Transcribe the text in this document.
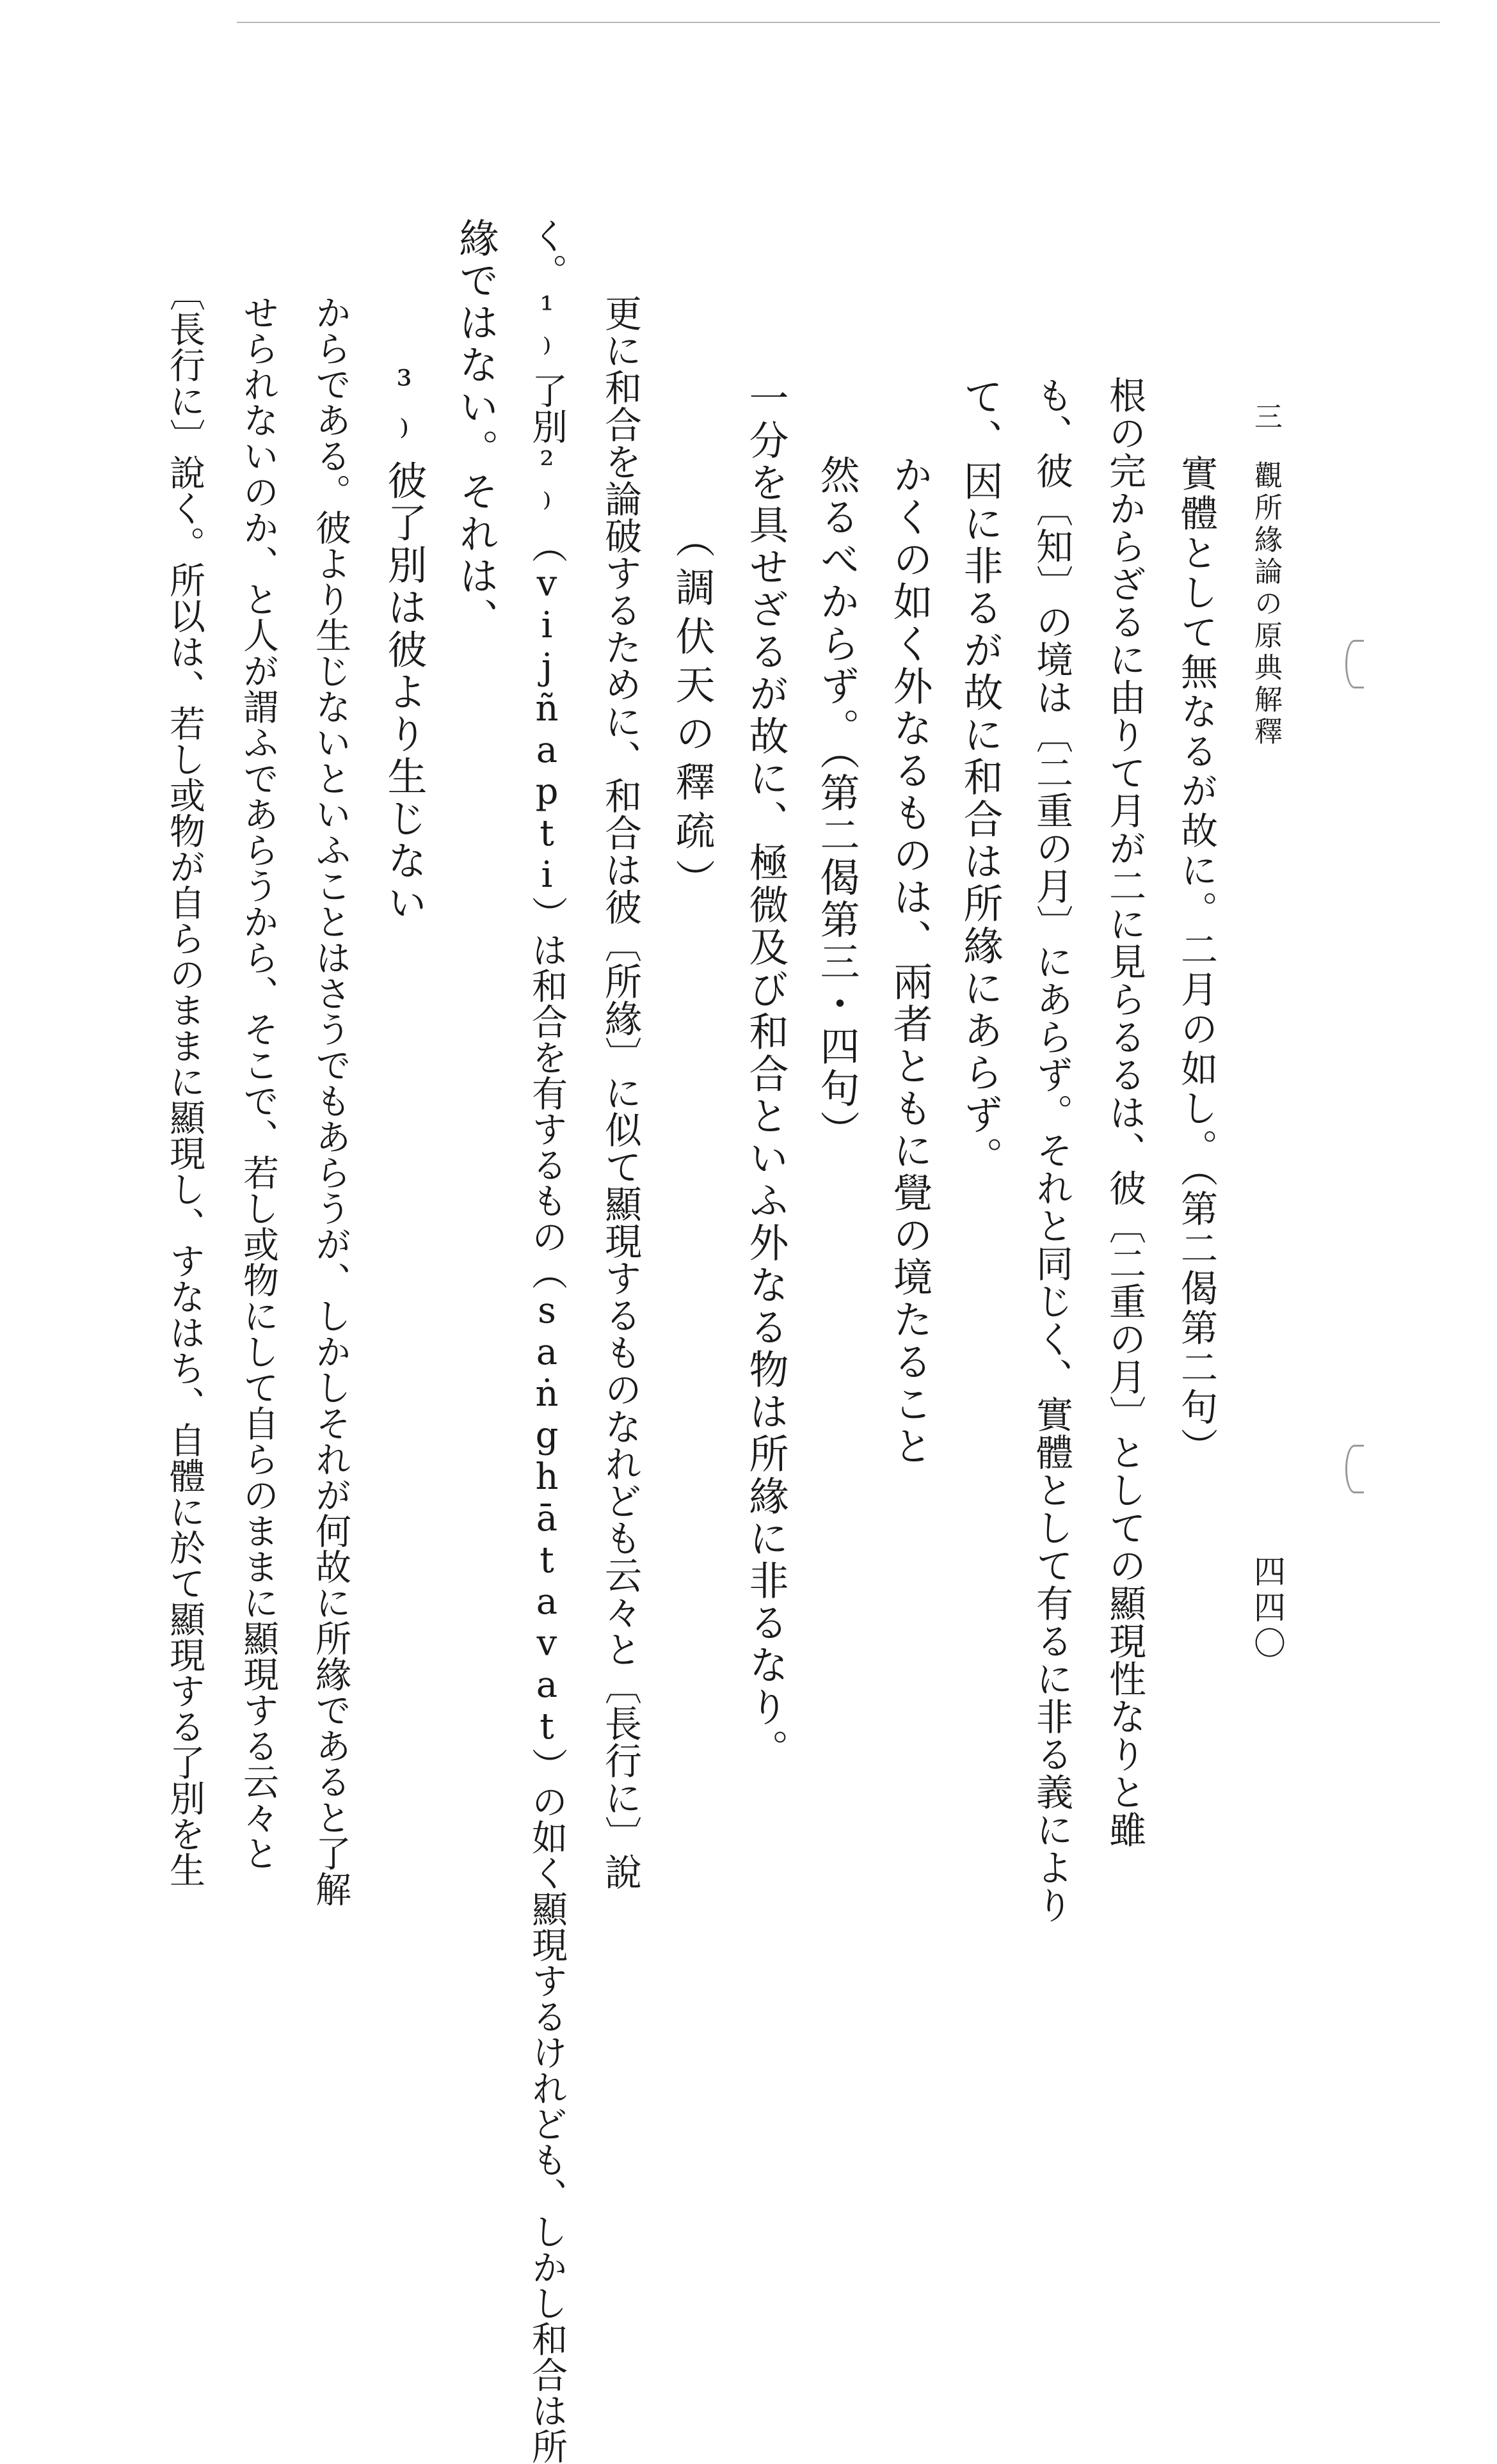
三
觀所緣論の原典解釋
四四〇
實體として無なるが故に。二月の如し。（第二偈第二句）
根の完からざるに由りて月が二に見らるるは、彼〔二重の月〕としての顯現性なりと雖
も、彼〔知〕の境は〔二重の月〕にあらず。それと同じく、實體として有るに非る義により
て、因に非るが故に和合は所緣にあらず。
かくの如く外なるものは、兩者ともに覺の境たること
然るべからず。（第二偈第三・四句）
一分を具せざるが故に、極微及び和合といふ外なる物は所緣に非るなり。
（調伏天の釋疏）
更に和合を論破するために、和合は彼〔所緣〕に似て顯現するものなれども云々と〔長行に〕說
く。¹⁾了別²⁾（vijñapti）は和合を有するもの（saṅghātavat）の如く顯現するけれども、しかし和合は所
緣ではない。それは、
³⁾彼了別は彼より生じない
からである。彼より生じないといふことはさうでもあらうが、しかしそれが何故に所緣であると了解
せられないのか、と人が謂ふであらうから、そこで、若し或物にして自らのままに顯現する云々と
〔長行に〕說く。所以は、若し或物が自らのままに顯現し、すなはち、自體に於て顯現する了別を生
